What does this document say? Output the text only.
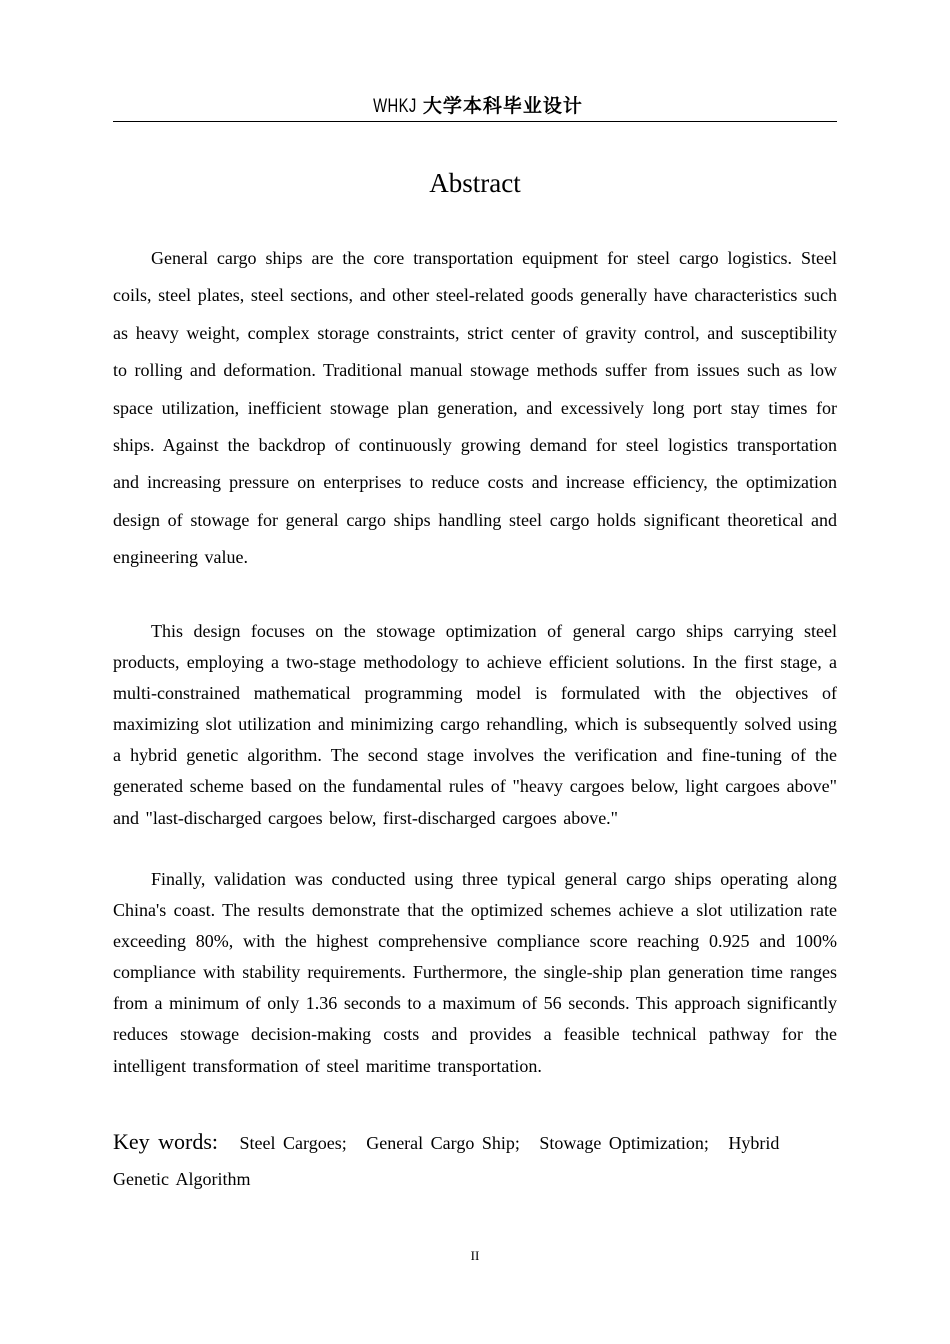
WHKJ 大学本科毕业设计
Abstract

General cargo ships are the core transportation equipment for steel cargo logistics. Steel coils, steel plates, steel sections, and other steel-related goods generally have characteristics such as heavy weight, complex storage constraints, strict center of gravity control, and susceptibility to rolling and deformation. Traditional manual stowage methods suffer from issues such as low space utilization, inefficient stowage plan generation, and excessively long port stay times for ships. Against the backdrop of continuously growing demand for steel logistics transportation and increasing pressure on enterprises to reduce costs and increase efficiency, the optimization design of stowage for general cargo ships handling steel cargo holds significant theoretical and engineering value.

This design focuses on the stowage optimization of general cargo ships carrying steel products, employing a two-stage methodology to achieve efficient solutions. In the first stage, a multi-constrained mathematical programming model is formulated with the objectives of maximizing slot utilization and minimizing cargo rehandling, which is subsequently solved using a hybrid genetic algorithm. The second stage involves the verification and fine-tuning of the generated scheme based on the fundamental rules of "heavy cargoes below, light cargoes above" and "last-discharged cargoes below, first-discharged cargoes above."

Finally, validation was conducted using three typical general cargo ships operating along China's coast. The results demonstrate that the optimized schemes achieve a slot utilization rate exceeding 80%, with the highest comprehensive compliance score reaching 0.925 and 100% compliance with stability requirements. Furthermore, the single-ship plan generation time ranges from a minimum of only 1.36 seconds to a maximum of 56 seconds. This approach significantly reduces stowage decision-making costs and provides a feasible technical pathway for the intelligent transformation of steel maritime transportation.

Key words: Steel Cargoes; General Cargo Ship; Stowage Optimization; Hybrid Genetic Algorithm
II
